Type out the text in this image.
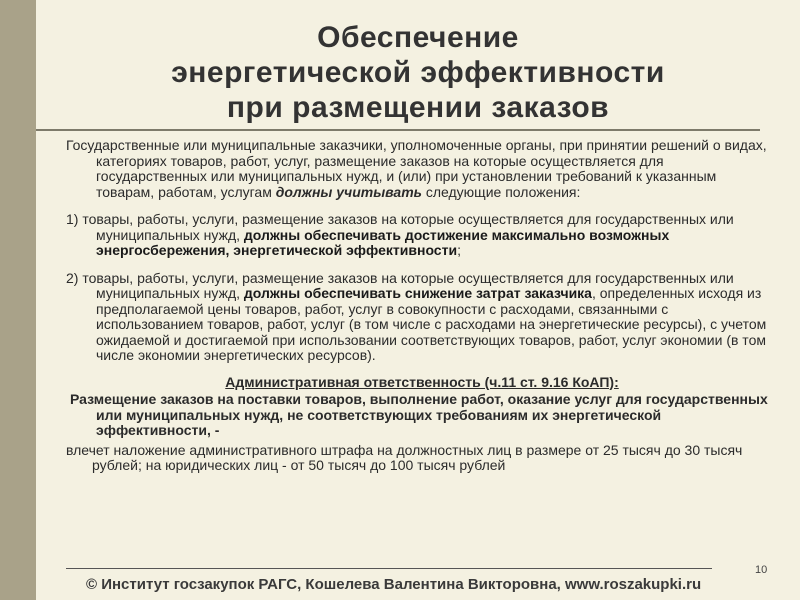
Обеспечение
энергетической эффективности
при размещении заказов

Государственные или муниципальные заказчики, уполномоченные органы, при принятии решений о видах, категориях товаров, работ, услуг, размещение заказов на которые осуществляется для государственных или муниципальных нужд, и (или) при установлении требований к указанным товарам, работам, услугам должны учитывать следующие положения:

1) товары, работы, услуги, размещение заказов на которые осуществляется для государственных или муниципальных нужд, должны обеспечивать достижение максимально возможных энергосбережения, энергетической эффективности;

2) товары, работы, услуги, размещение заказов на которые осуществляется для государственных или муниципальных нужд, должны обеспечивать снижение затрат заказчика, определенных исходя из предполагаемой цены товаров, работ, услуг в совокупности с расходами, связанными с использованием товаров, работ, услуг (в том числе с расходами на энергетические ресурсы), с учетом ожидаемой и достигаемой при использовании соответствующих товаров, работ, услуг экономии (в том числе экономии энергетических ресурсов).

Административная ответственность (ч.11 ст. 9.16 КоАП):

Размещение заказов на поставки товаров, выполнение работ, оказание услуг для государственных или муниципальных нужд, не соответствующих требованиям их энергетической эффективности, -

влечет наложение административного штрафа на должностных лиц в размере от 25 тысяч до 30 тысяч рублей; на юридических лиц - от 50 тысяч до 100 тысяч рублей

10
© Институт госзакупок РАГС, Кошелева Валентина Викторовна, www.roszakupki.ru
